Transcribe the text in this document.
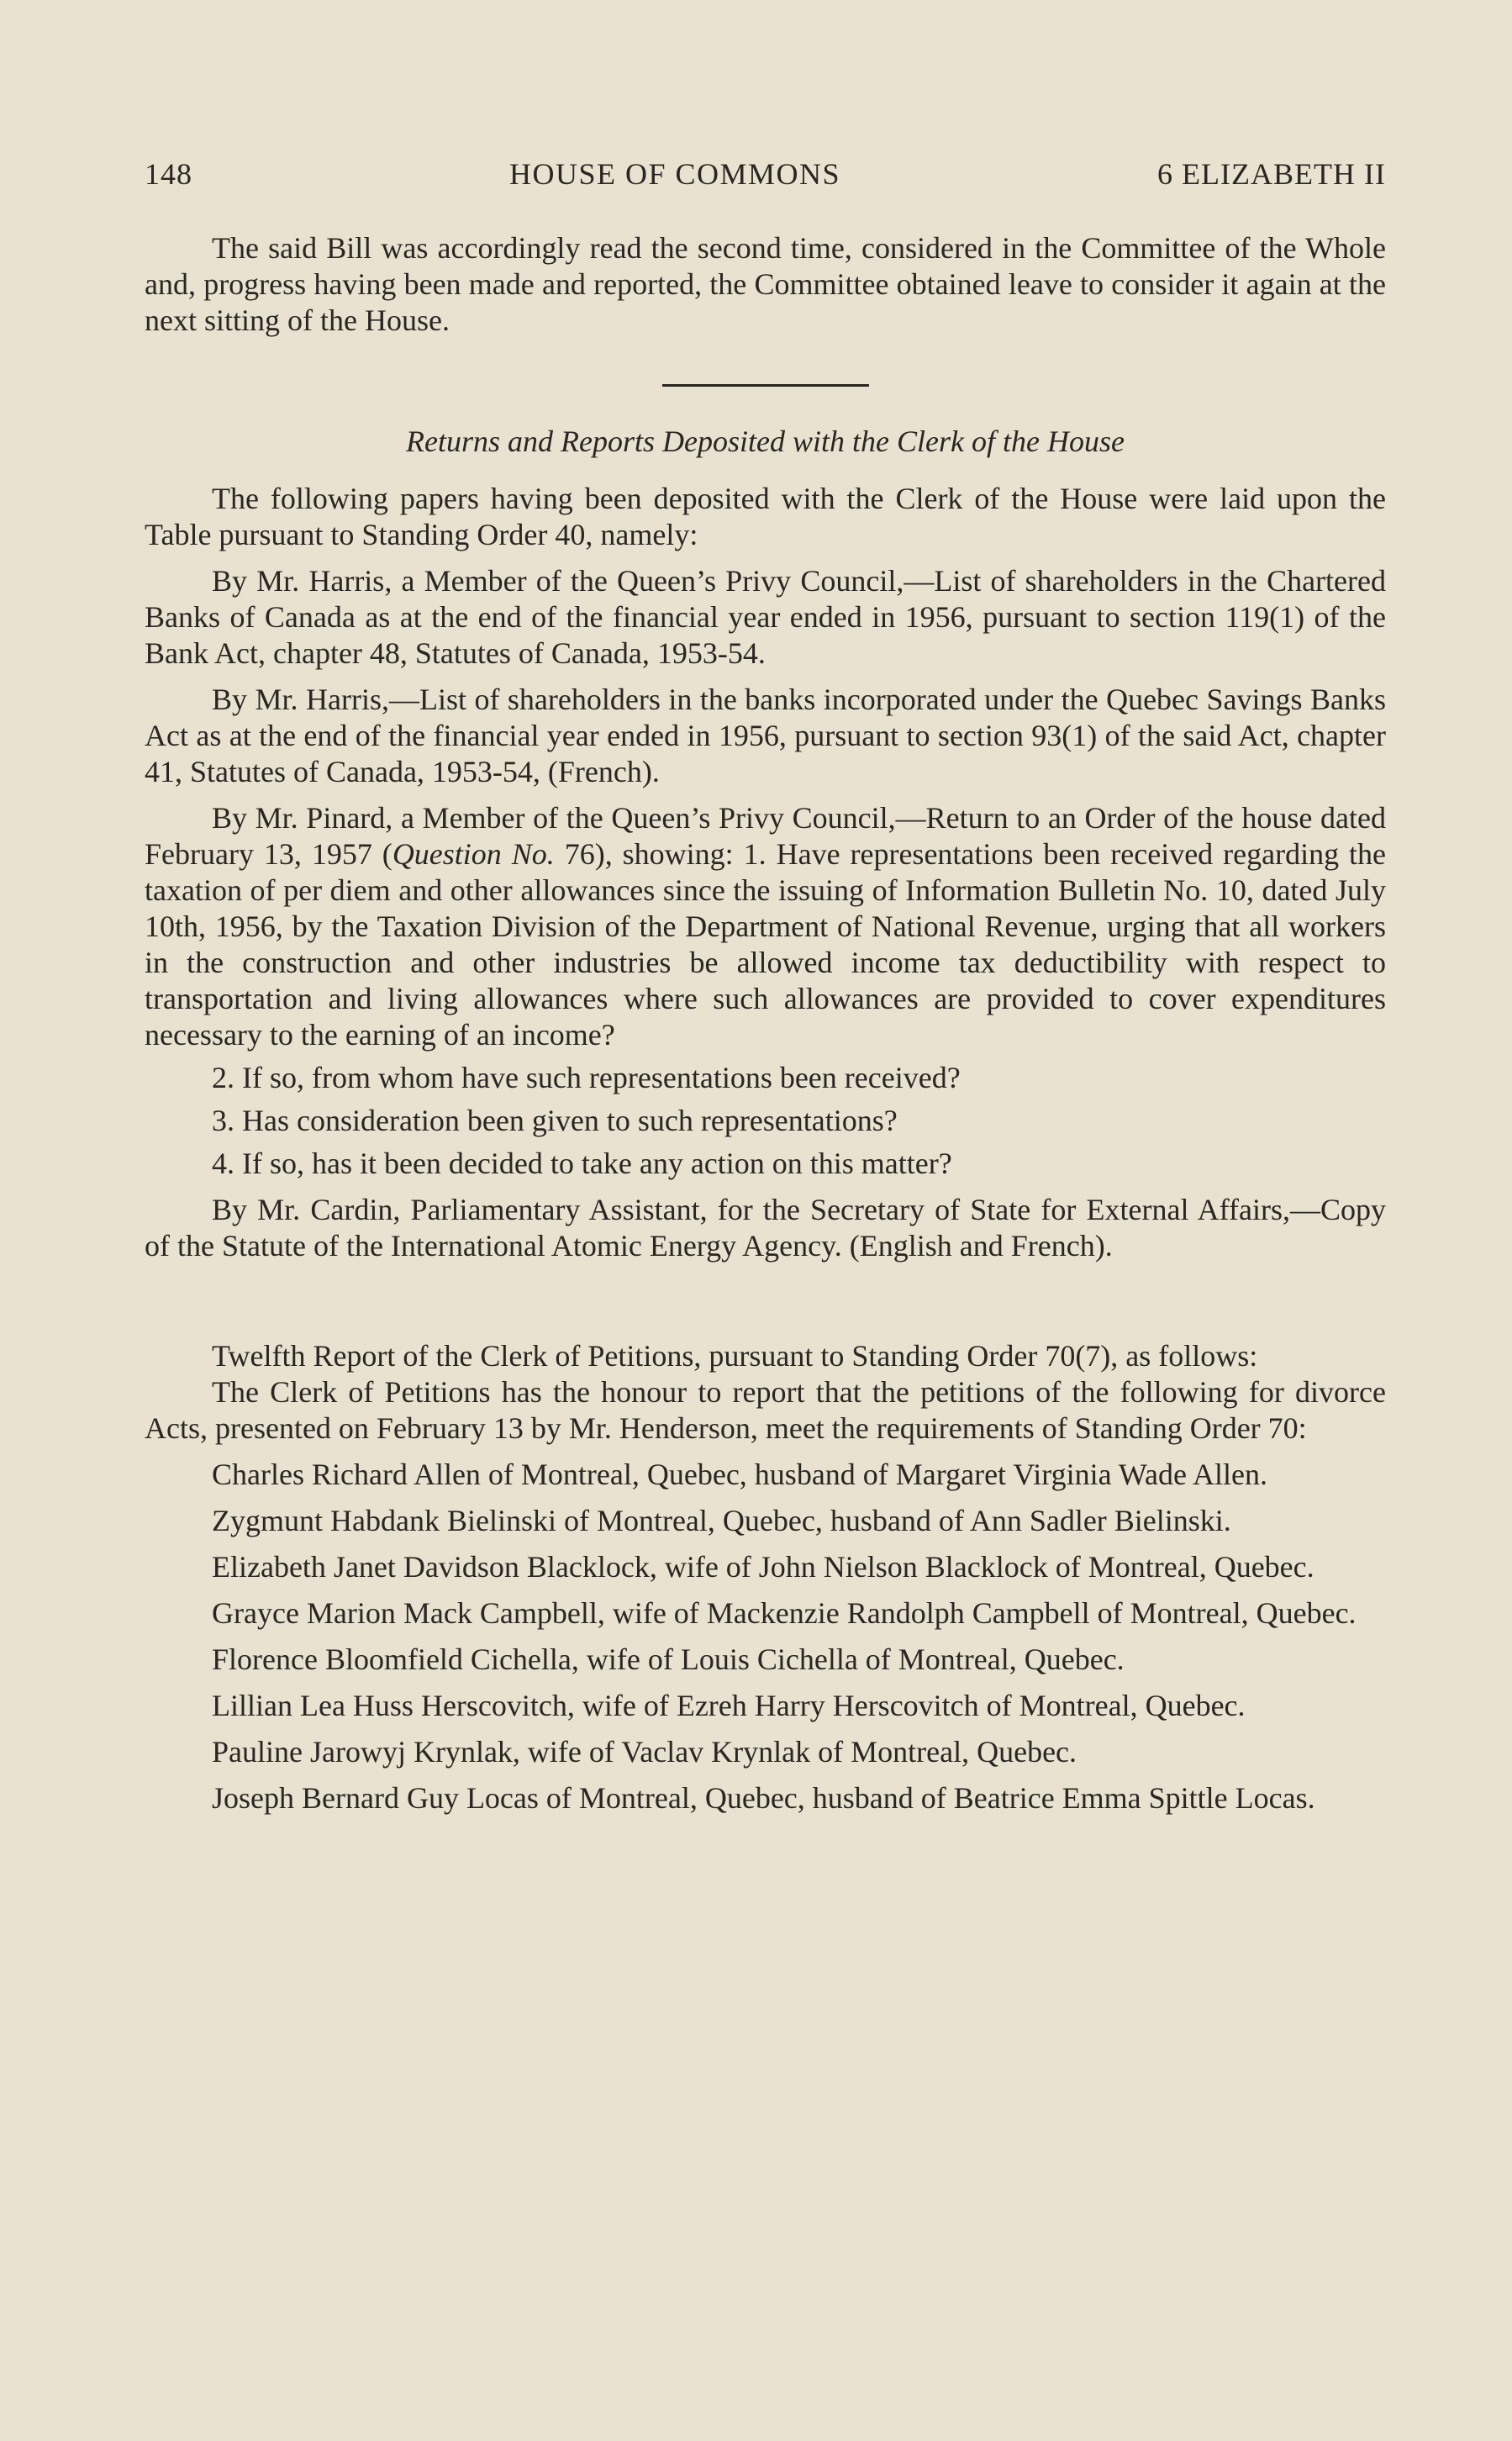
148	HOUSE OF COMMONS	6 ELIZABETH II

The said Bill was accordingly read the second time, considered in the Committee of the Whole and, progress having been made and reported, the Committee obtained leave to consider it again at the next sitting of the House.

Returns and Reports Deposited with the Clerk of the House

The following papers having been deposited with the Clerk of the House were laid upon the Table pursuant to Standing Order 40, namely:

By Mr. Harris, a Member of the Queen’s Privy Council,—List of shareholders in the Chartered Banks of Canada as at the end of the financial year ended in 1956, pursuant to section 119(1) of the Bank Act, chapter 48, Statutes of Canada, 1953-54.

By Mr. Harris,—List of shareholders in the banks incorporated under the Quebec Savings Banks Act as at the end of the financial year ended in 1956, pursuant to section 93(1) of the said Act, chapter 41, Statutes of Canada, 1953-54, (French).

By Mr. Pinard, a Member of the Queen’s Privy Council,—Return to an Order of the house dated February 13, 1957 (Question No. 76), showing: 1. Have representations been received regarding the taxation of per diem and other allowances since the issuing of Information Bulletin No. 10, dated July 10th, 1956, by the Taxation Division of the Department of National Revenue, urging that all workers in the construction and other industries be allowed income tax deductibility with respect to transportation and living allowances where such allowances are provided to cover expenditures necessary to the earning of an income?

2. If so, from whom have such representations been received?

3. Has consideration been given to such representations?

4. If so, has it been decided to take any action on this matter?

By Mr. Cardin, Parliamentary Assistant, for the Secretary of State for External Affairs,—Copy of the Statute of the International Atomic Energy Agency. (English and French).

Twelfth Report of the Clerk of Petitions, pursuant to Standing Order 70(7), as follows:

The Clerk of Petitions has the honour to report that the petitions of the following for divorce Acts, presented on February 13 by Mr. Henderson, meet the requirements of Standing Order 70:

Charles Richard Allen of Montreal, Quebec, husband of Margaret Virginia Wade Allen.

Zygmunt Habdank Bielinski of Montreal, Quebec, husband of Ann Sadler Bielinski.

Elizabeth Janet Davidson Blacklock, wife of John Nielson Blacklock of Montreal, Quebec.

Grayce Marion Mack Campbell, wife of Mackenzie Randolph Campbell of Montreal, Quebec.

Florence Bloomfield Cichella, wife of Louis Cichella of Montreal, Quebec.

Lillian Lea Huss Herscovitch, wife of Ezreh Harry Herscovitch of Montreal, Quebec.

Pauline Jarowyj Krynlak, wife of Vaclav Krynlak of Montreal, Quebec.

Joseph Bernard Guy Locas of Montreal, Quebec, husband of Beatrice Emma Spittle Locas.
